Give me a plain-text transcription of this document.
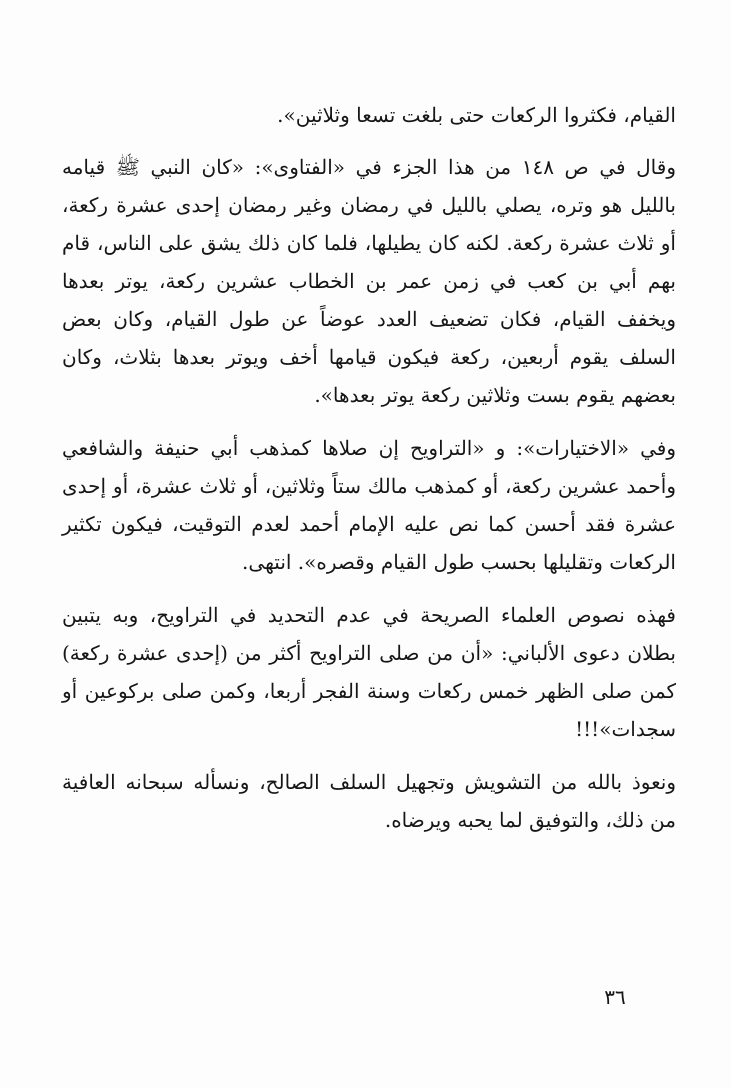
القيام، فكثروا الركعات حتى بلغت تسعا وثلاثين».

وقال في ص ١٤٨ من هذا الجزء في «الفتاوى»: «كان النبي ﷺ قيامه بالليل هو وتره، يصلي بالليل في رمضان وغير رمضان إحدى عشرة ركعة، أو ثلاث عشرة ركعة. لكنه كان يطيلها، فلما كان ذلك يشق على الناس، قام بهم أبي بن كعب في زمن عمر بن الخطاب عشرين ركعة، يوتر بعدها ويخفف القيام، فكان تضعيف العدد عوضاً عن طول القيام، وكان بعض السلف يقوم أربعين، ركعة فيكون قيامها أخف ويوتر بعدها بثلاث، وكان بعضهم يقوم بست وثلاثين ركعة يوتر بعدها».

وفي «الاختيارات»: و «التراويح إن صلاها كمذهب أبي حنيفة والشافعي وأحمد عشرين ركعة، أو كمذهب مالك ستاً وثلاثين، أو ثلاث عشرة، أو إحدى عشرة فقد أحسن كما نص عليه الإمام أحمد لعدم التوقيت، فيكون تكثير الركعات وتقليلها بحسب طول القيام وقصره». انتهى.

فهذه نصوص العلماء الصريحة في عدم التحديد في التراويح، وبه يتبين بطلان دعوى الألباني: «أن من صلى التراويح أكثر من (إحدى عشرة ركعة) كمن صلى الظهر خمس ركعات وسنة الفجر أربعا، وكمن صلى بركوعين أو سجدات»!!!

ونعوذ بالله من التشويش وتجهيل السلف الصالح، ونسأله سبحانه العافية من ذلك، والتوفيق لما يحبه ويرضاه.

٣٦
